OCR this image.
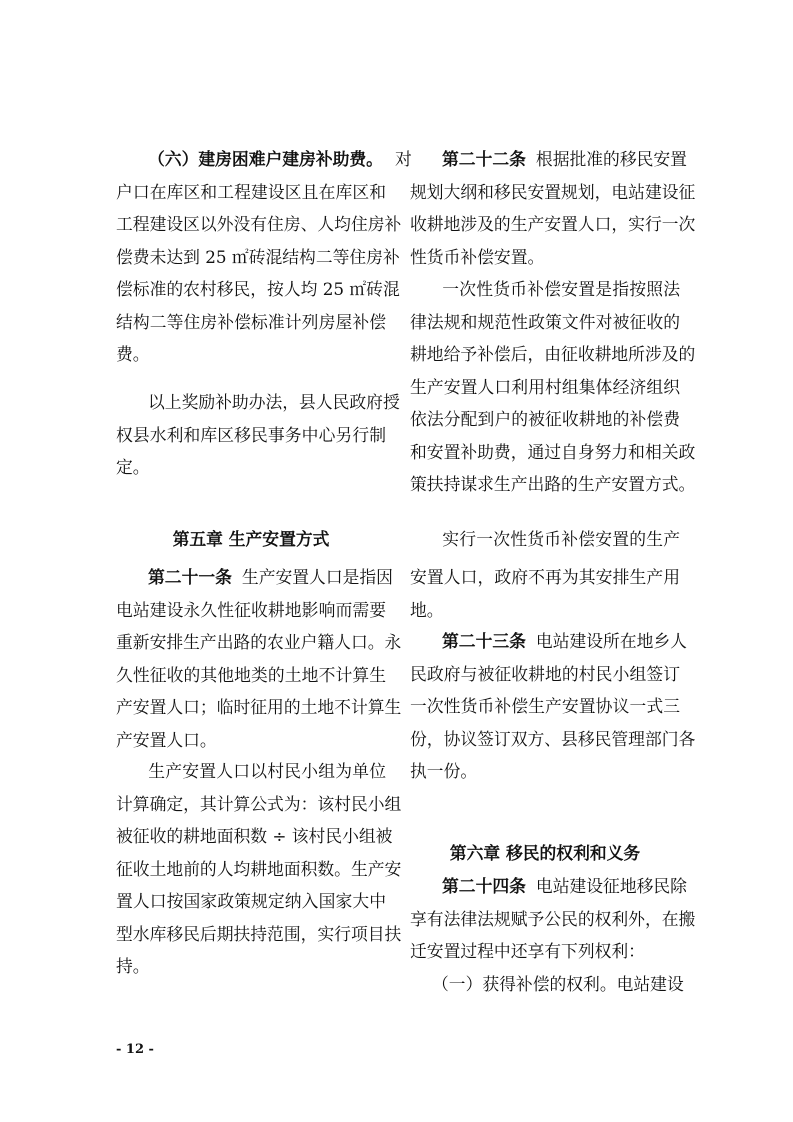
（六）建房困难户建房补助费。 对
户口在库区和工程建设区且在库区和
工程建设区以外没有住房、人均住房补
偿费未达到 25 ㎡砖混结构二等住房补
偿标准的农村移民，按人均 25 ㎡砖混
结构二等住房补偿标准计列房屋补偿
费。
以上奖励补助办法，县人民政府授
权县水利和库区移民事务中心另行制
定。
第五章 生产安置方式
第二十一条 生产安置人口是指因
电站建设永久性征收耕地影响而需要
重新安排生产出路的农业户籍人口。永
久性征收的其他地类的土地不计算生
产安置人口；临时征用的土地不计算生
产安置人口。
生产安置人口以村民小组为单位
计算确定，其计算公式为：该村民小组
被征收的耕地面积数 ÷ 该村民小组被
征收土地前的人均耕地面积数。生产安
置人口按国家政策规定纳入国家大中
型水库移民后期扶持范围，实行项目扶
持。
第二十二条 根据批准的移民安置
规划大纲和移民安置规划，电站建设征
收耕地涉及的生产安置人口，实行一次
性货币补偿安置。
一次性货币补偿安置是指按照法
律法规和规范性政策文件对被征收的
耕地给予补偿后，由征收耕地所涉及的
生产安置人口利用村组集体经济组织
依法分配到户的被征收耕地的补偿费
和安置补助费，通过自身努力和相关政
策扶持谋求生产出路的生产安置方式。
实行一次性货币补偿安置的生产
安置人口，政府不再为其安排生产用
地。
第二十三条 电站建设所在地乡人
民政府与被征收耕地的村民小组签订
一次性货币补偿生产安置协议一式三
份，协议签订双方、县移民管理部门各
执一份。
第六章 移民的权利和义务
第二十四条 电站建设征地移民除
享有法律法规赋予公民的权利外，在搬
迁安置过程中还享有下列权利：
（一）获得补偿的权利。电站建设
- 12 -
